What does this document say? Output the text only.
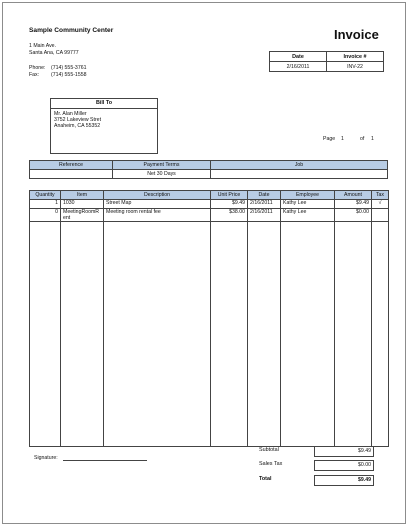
Sample Community Center
1 Main Ave.
Santa Ana, CA 99777
Phone: (714) 555-3761
Fax: (714) 555-1558
Invoice
Date	Invoice #
2/16/2011	INV-22
Bill To
Mr. Alan Miller
3752 Lakeview Stret
Anaheim, CA 55352
Page 1	of 1
Reference	Payment Terms	Job
	Net 30 Days	
Quantity	Item	Description	Unit Price	Date	Employee	Amount	Tax
1	1030	Street Map	$9.49	2/16/2011	Kathy Lee	$9.49	√
0	MeetingRoomRent	Meeting room rental fee	$38.00	2/16/2011	Kathy Lee	$0.00	

Signature:
Subtotal	$9.49
Sales Tax	$0.00
Total	$9.49
